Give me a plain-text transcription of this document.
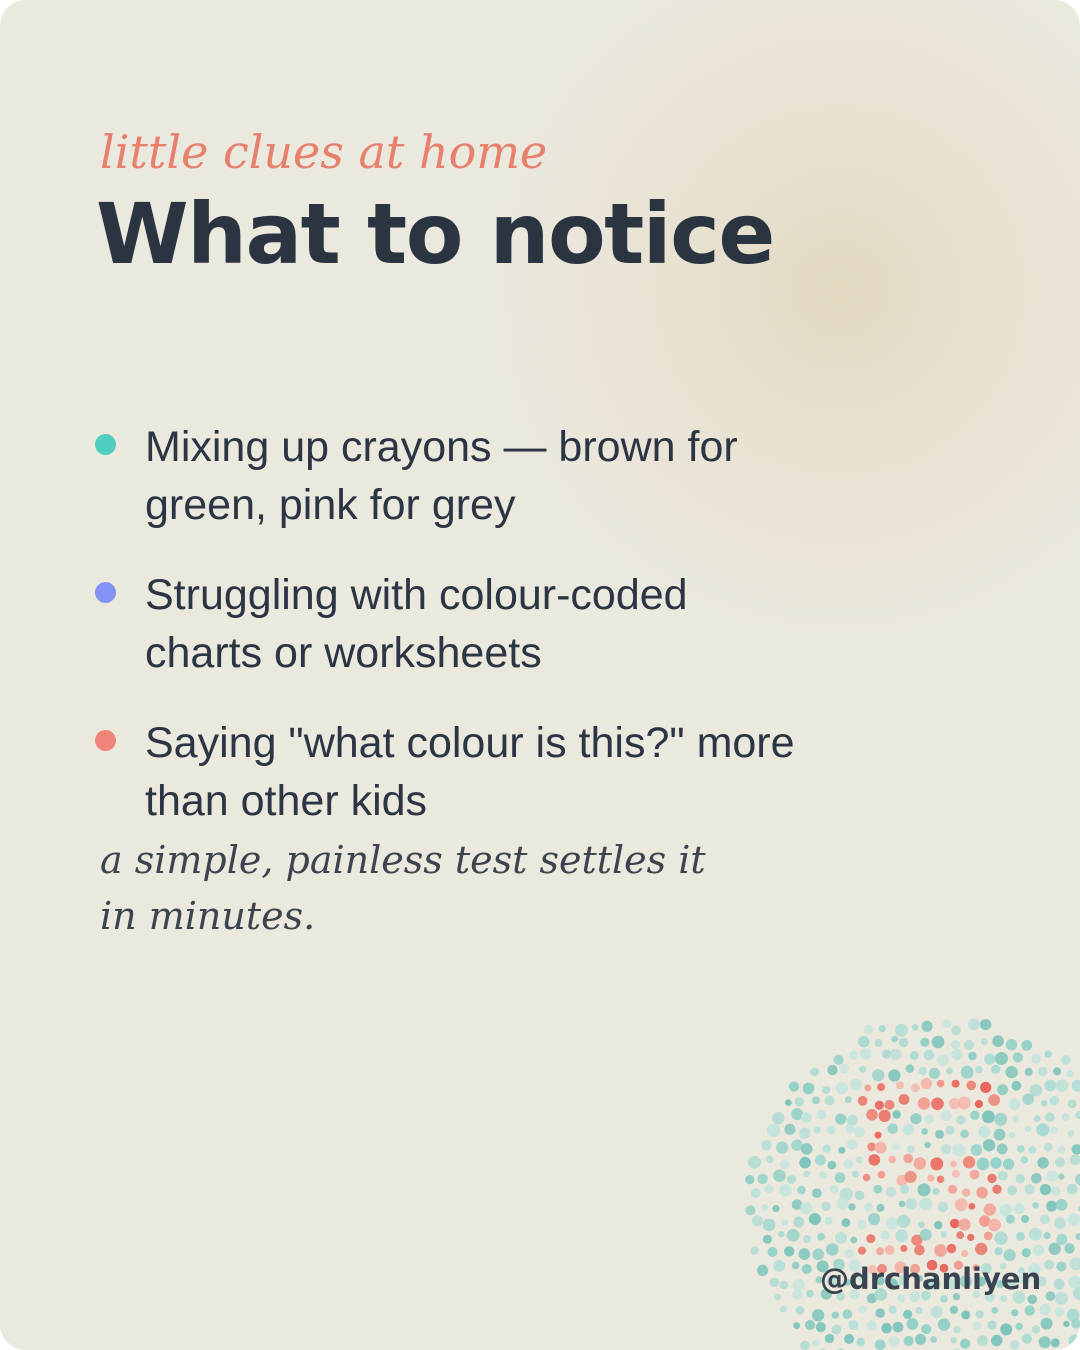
little clues at home

What to notice
Mixing up crayons — brown for green, pink for grey
Struggling with colour-coded charts or worksheets
Saying "what colour is this?" more than other kids

a simple, painless test settles it in minutes.

@drchanliyen
